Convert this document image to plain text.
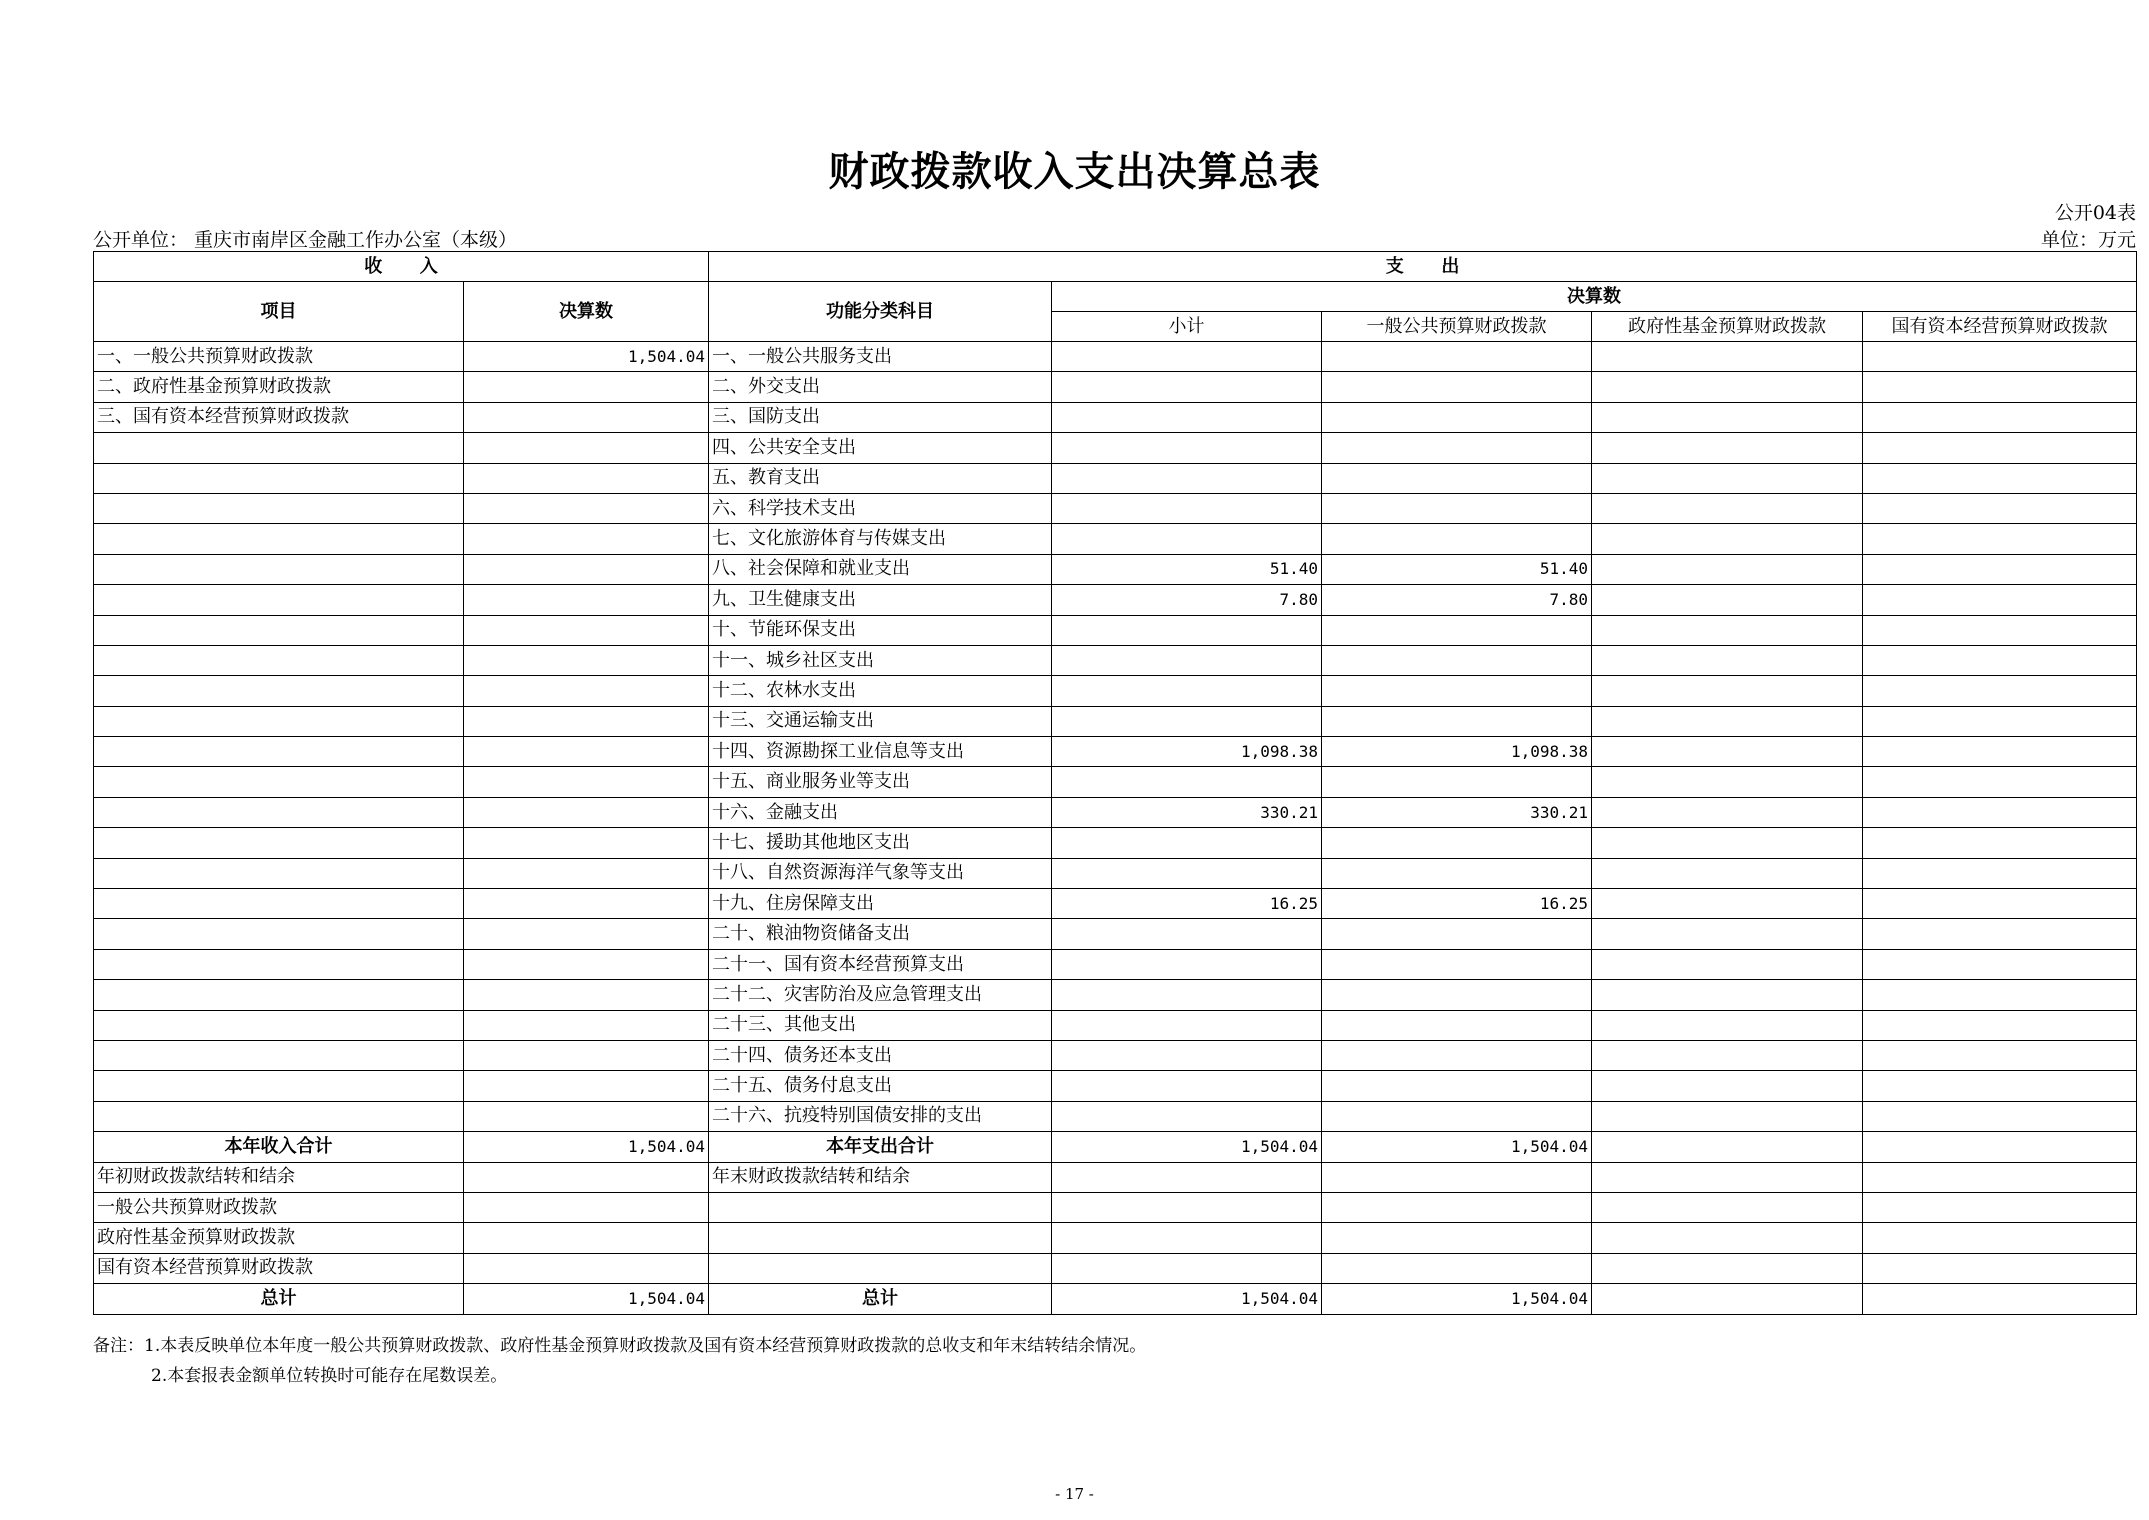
财政拨款收入支出决算总表
公开04表
公开单位： 重庆市南岸区金融工作办公室（本级）	单位：万元
收      入		支      出				
项目	决算数	功能分类科目	决算数			
			小计	一般公共预算财政拨款	政府性基金预算财政拨款	国有资本经营预算财政拨款
一、一般公共预算财政拨款	1,504.04	一、一般公共服务支出				
二、政府性基金预算财政拨款		二、外交支出				
三、国有资本经营预算财政拨款		三、国防支出				
		四、公共安全支出				
		五、教育支出				
		六、科学技术支出				
		七、文化旅游体育与传媒支出				
		八、社会保障和就业支出	51.40	51.40		
		九、卫生健康支出	7.80	7.80		
		十、节能环保支出				
		十一、城乡社区支出				
		十二、农林水支出				
		十三、交通运输支出				
		十四、资源勘探工业信息等支出	1,098.38	1,098.38		
		十五、商业服务业等支出				
		十六、金融支出	330.21	330.21		
		十七、援助其他地区支出				
		十八、自然资源海洋气象等支出				
		十九、住房保障支出	16.25	16.25		
		二十、粮油物资储备支出				
		二十一、国有资本经营预算支出				
		二十二、灾害防治及应急管理支出				
		二十三、其他支出				
		二十四、债务还本支出				
		二十五、债务付息支出				
		二十六、抗疫特别国债安排的支出				
本年收入合计	1,504.04	本年支出合计	1,504.04	1,504.04		
年初财政拨款结转和结余		年末财政拨款结转和结余				
一般公共预算财政拨款						
政府性基金预算财政拨款						
国有资本经营预算财政拨款						
总计	1,504.04	总计	1,504.04	1,504.04		
备注：1.本表反映单位本年度一般公共预算财政拨款、政府性基金预算财政拨款及国有资本经营预算财政拨款的总收支和年末结转结余情况。
2.本套报表金额单位转换时可能存在尾数误差。
- 17 -
